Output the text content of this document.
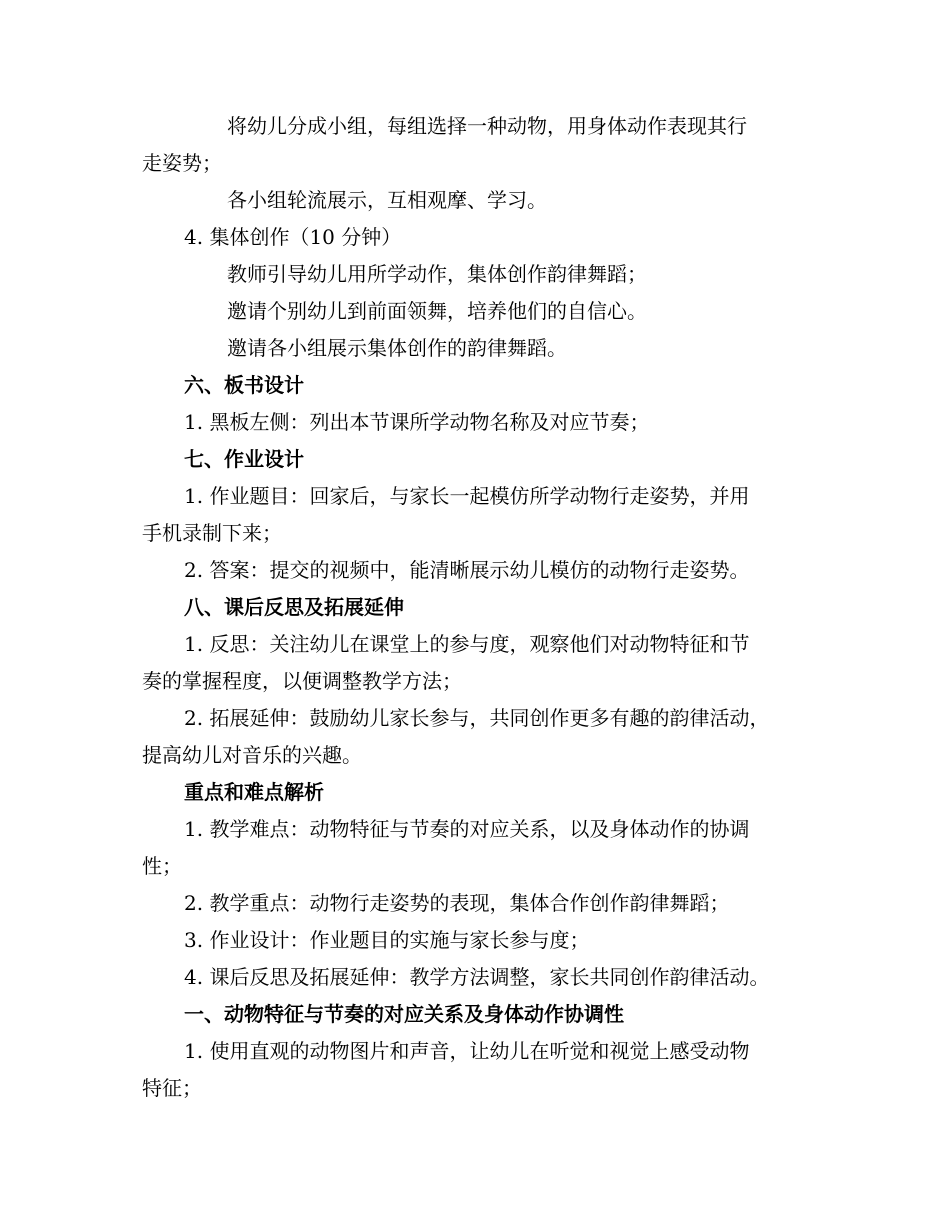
将幼儿分成小组，每组选择一种动物，用身体动作表现其行
走姿势；
各小组轮流展示，互相观摩、学习。
4. 集体创作（10 分钟）
教师引导幼儿用所学动作，集体创作韵律舞蹈；
邀请个别幼儿到前面领舞，培养他们的自信心。
邀请各小组展示集体创作的韵律舞蹈。
六、板书设计
1. 黑板左侧：列出本节课所学动物名称及对应节奏；
七、作业设计
1. 作业题目：回家后，与家长一起模仿所学动物行走姿势，并用
手机录制下来；
2. 答案：提交的视频中，能清晰展示幼儿模仿的动物行走姿势。
八、课后反思及拓展延伸
1. 反思：关注幼儿在课堂上的参与度，观察他们对动物特征和节
奏的掌握程度，以便调整教学方法；
2. 拓展延伸：鼓励幼儿家长参与，共同创作更多有趣的韵律活动，
提高幼儿对音乐的兴趣。
重点和难点解析
1. 教学难点：动物特征与节奏的对应关系，以及身体动作的协调
性；
2. 教学重点：动物行走姿势的表现，集体合作创作韵律舞蹈；
3. 作业设计：作业题目的实施与家长参与度；
4. 课后反思及拓展延伸：教学方法调整，家长共同创作韵律活动。
一、动物特征与节奏的对应关系及身体动作协调性
1. 使用直观的动物图片和声音，让幼儿在听觉和视觉上感受动物
特征；
